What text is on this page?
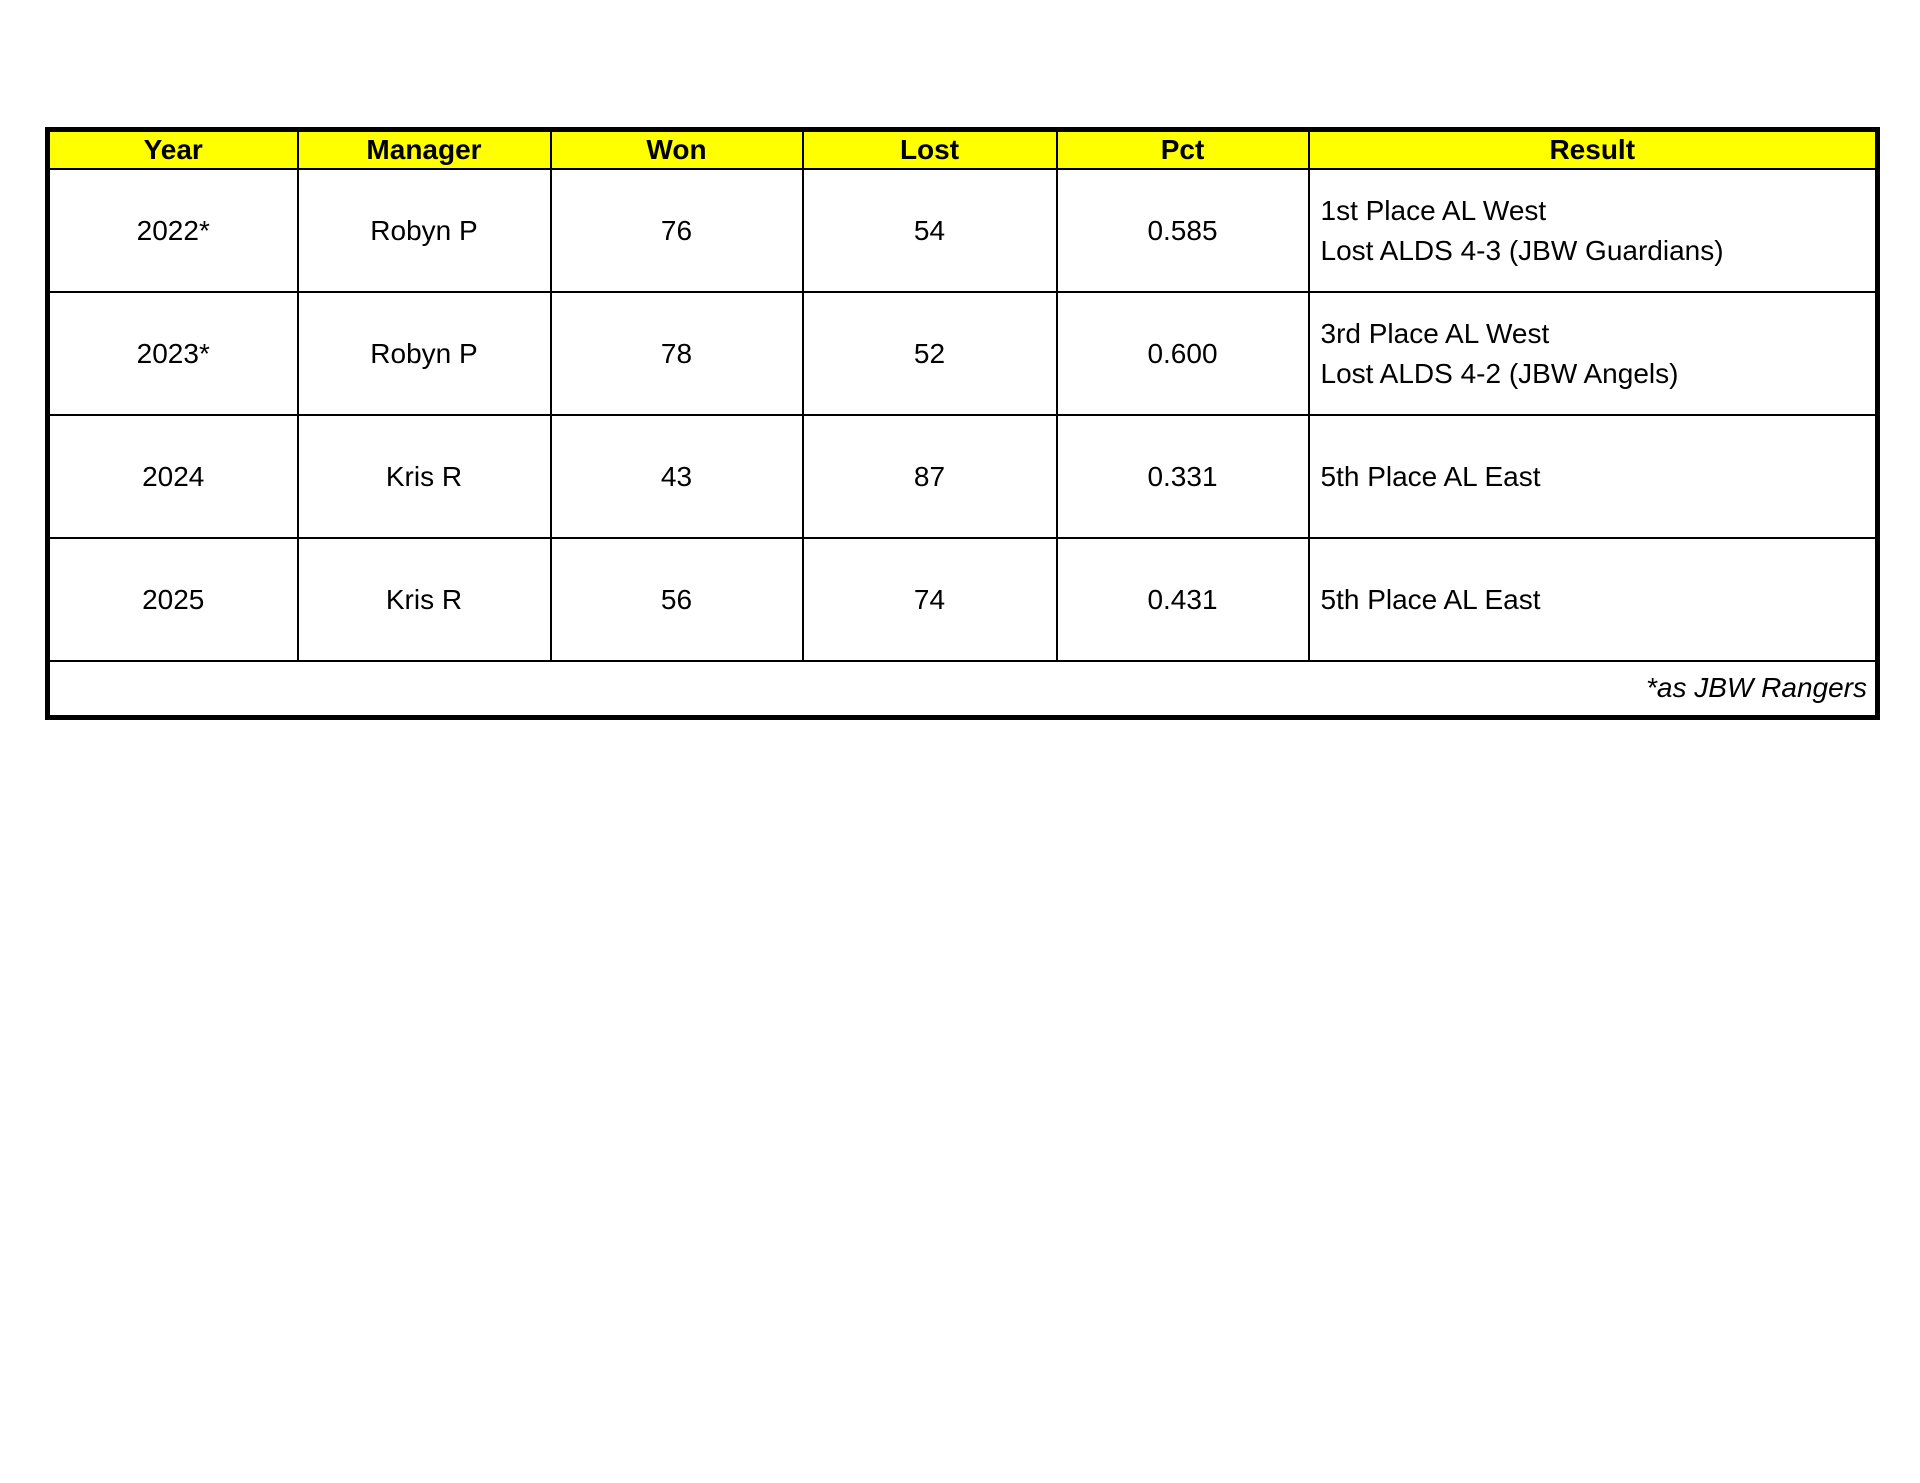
Year	Manager	Won	Lost	Pct	Result
2022*	Robyn P	76	54	0.585	1st Place AL West
Lost ALDS 4-3 (JBW Guardians)

2023*	Robyn P	78	52	0.600	3rd Place AL West
Lost ALDS 4-2 (JBW Angels)

2024	Kris R	43	87	0.331	5th Place AL East

2025	Kris R	56	74	0.431	5th Place AL East

*as JBW Rangers					
